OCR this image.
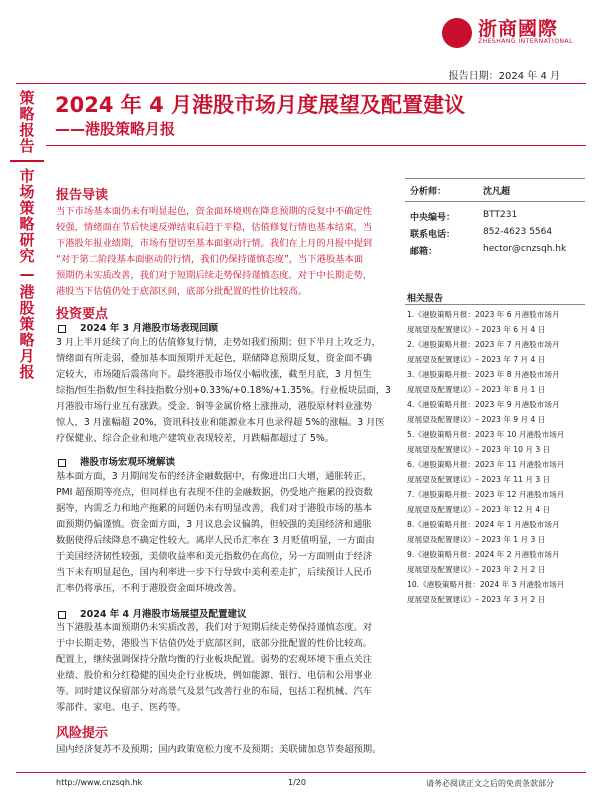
浙商國際
ZHESHANG INTERNATIONAL
报告日期：2024 年 4 月
策略报告
市场策略研究
—
港股策略月报
2024 年 4 月港股市场月度展望及配置建议
——港股策略月报
报告导读
当下市场基本面仍未有明显起色，资金面环境则在降息预期的反复中不确定性
较强，情绪面在节后快速反弹结束后趋于平稳，估值修复行情也基本结束，当
下港股年报业绩期，市场有望切至基本面驱动行情。我们在上月的月报中提到
“对于第二阶段基本面驱动的行情，我们仍保持谨慎态度”，当下港股基本面
预期仍未实质改善，我们对于短期后续走势保持谨慎态度。对于中长期走势，
港股当下估值仍处于底部区间，底部分批配置的性价比较高。
投资要点
2024 年 3 月港股市场表现回顾
3 月上半月延续了向上的估值修复行情，走势如我们预期；但下半月上攻乏力，
情绪面有所走弱，叠加基本面预期并无起色，联储降息预期反复，资金面不确
定较大，市场随后震荡向下。最终港股市场仅小幅收涨，截至月底，3 月恒生
综指/恒生指数/恒生科技指数分别+0.33%/+0.18%/+1.35%。行业板块层面，3
月港股市场行业互有涨跌。受金、铜等金属价格上涨推动，港股原材料业涨势
惊人，3 月涨幅超 20%，资讯科技业和能源业本月也录得超 5%的涨幅。3 月医
疗保健业、综合企业和地产建筑业表现较差，月跌幅都超过了 5%。
港股市场宏观环境解读
基本面方面，3 月期间发布的经济金融数据中，有像进出口大增，通胀转正，
PMI 超预期等亮点，但同样也有表现不佳的金融数据，仍受地产拖累的投资数
据等，内需乏力和地产拖累的问题仍未有明显改善，我们对于港股市场的基本
面预期仍偏谨慎。资金面方面，3 月议息会议偏鸽，但较强的美国经济和通胀
数据使得后续降息不确定性较大。离岸人民币汇率在 3 月贬值明显，一方面由
于美国经济韧性较强，美债收益率和美元指数仍在高位，另一方面则由于经济
当下未有明显起色，国内利率进一步下行导致中美利差走扩，后续预计人民币
汇率仍将承压，不利于港股资金面环境改善。
2024 年 4 月港股市场展望及配置建议
当下港股基本面预期仍未实质改善，我们对于短期后续走势保持谨慎态度。对
于中长期走势，港股当下估值仍处于底部区间，底部分批配置的性价比较高。
配置上，继续强调保持分散均衡的行业板块配置。弱势的宏观环境下重点关注
业绩、股价和分红稳健的国央企行业板块，例如能源、银行、电信和公用事业
等。同时建议保留部分对高景气及景气改善行业的布局，包括工程机械、汽车
零部件、家电、电子、医药等。
风险提示
国内经济复苏不及预期；国内政策宽松力度不及预期；美联储加息节奏超预期。
分析师：	沈凡超
中央编号：	BTT231
联系电话：	852-4623 5564
邮箱：	hector@cnzsqh.hk
相关报告
1.《港股策略月报：2023 年 6 月港股市场月
度展望及配置建议》– 2023 年 6 月 4 日
2.《港股策略月报：2023 年 7 月港股市场月
度展望及配置建议》– 2023 年 7 月 4 日
3.《港股策略月报：2023 年 8 月港股市场月
度展望及配置建议》– 2023 年 8 月 1 日
4.《港股策略月报：2023 年 9 月港股市场月
度展望及配置建议》– 2023 年 9 月 4 日
5.《港股策略月报：2023 年 10 月港股市场月
度展望及配置建议》– 2023 年 10 月 3 日
6.《港股策略月报：2023 年 11 月港股市场月
度展望及配置建议》– 2023 年 11 月 3 日
7.《港股策略月报：2023 年 12 月港股市场月
度展望及配置建议》– 2023 年 12 月 4 日
8.《港股策略月报：2024 年 1 月港股市场月
度展望及配置建议》– 2023 年 1 月 3 日
9.《港股策略月报：2024 年 2 月港股市场月
度展望及配置建议》– 2023 年 2 月 2 日
10.《港股策略月报：2024 年 3 月港股市场月
度展望及配置建议》– 2023 年 3 月 2 日
http://www.cnzsqh.hk	1/20	请务必阅读正文之后的免责条款部分
